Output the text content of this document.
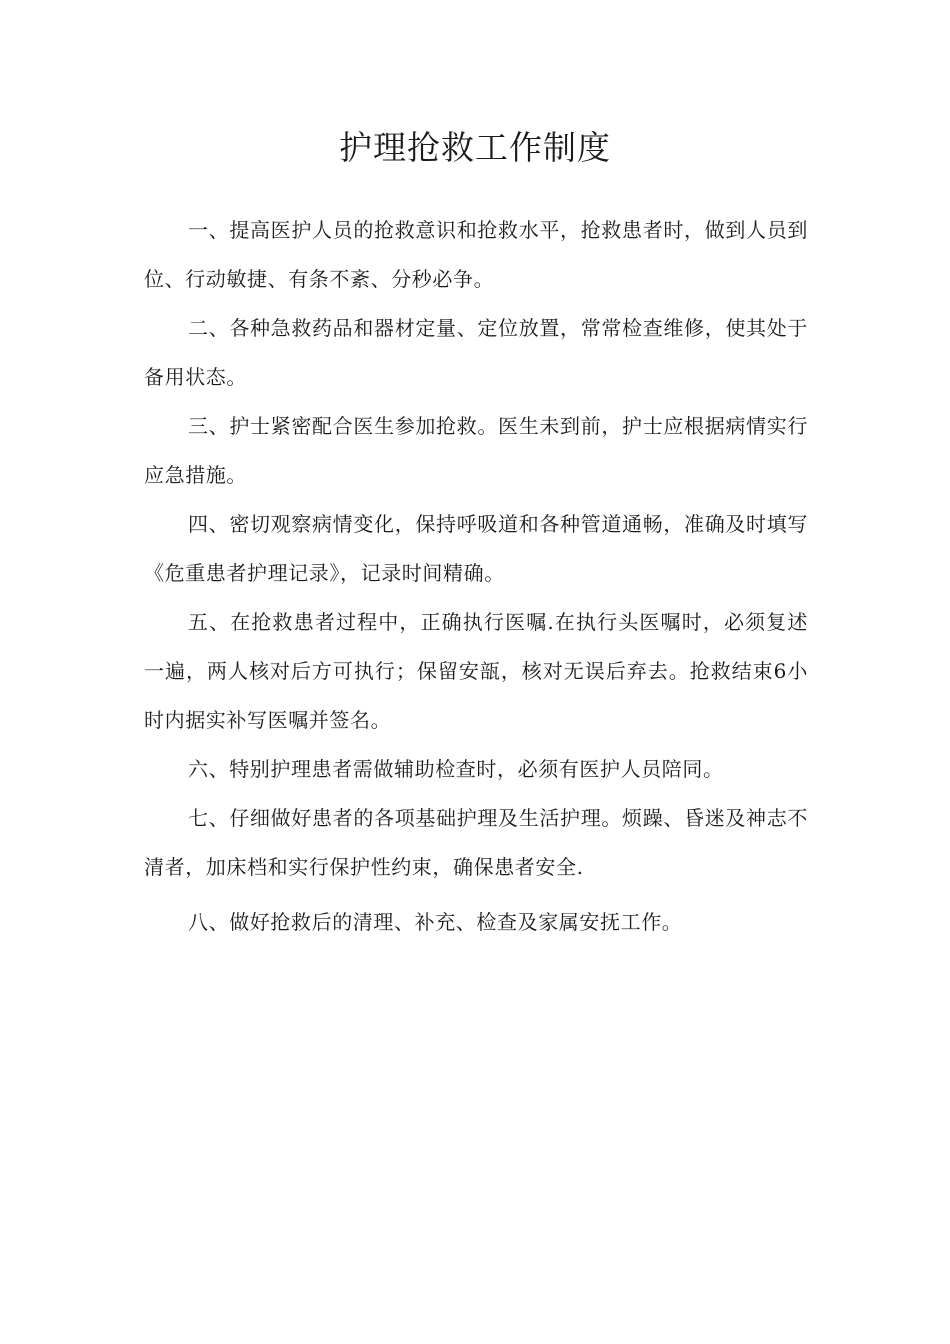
护理抢救工作制度

一、提高医护人员的抢救意识和抢救水平，抢救患者时，做到人员到位、行动敏捷、有条不紊、分秒必争。

二、各种急救药品和器材定量、定位放置，常常检查维修，使其处于备用状态。

三、护士紧密配合医生参加抢救。医生未到前，护士应根据病情实行应急措施。

四、密切观察病情变化，保持呼吸道和各种管道通畅，准确及时填写《危重患者护理记录》，记录时间精确。

五、在抢救患者过程中，正确执行医嘱.在执行头医嘱时，必须复述一遍，两人核对后方可执行；保留安瓿，核对无误后弃去。抢救结束6小时内据实补写医嘱并签名。

六、特别护理患者需做辅助检查时，必须有医护人员陪同。

七、仔细做好患者的各项基础护理及生活护理。烦躁、昏迷及神志不清者，加床档和实行保护性约束，确保患者安全.

八、做好抢救后的清理、补充、检查及家属安抚工作。
